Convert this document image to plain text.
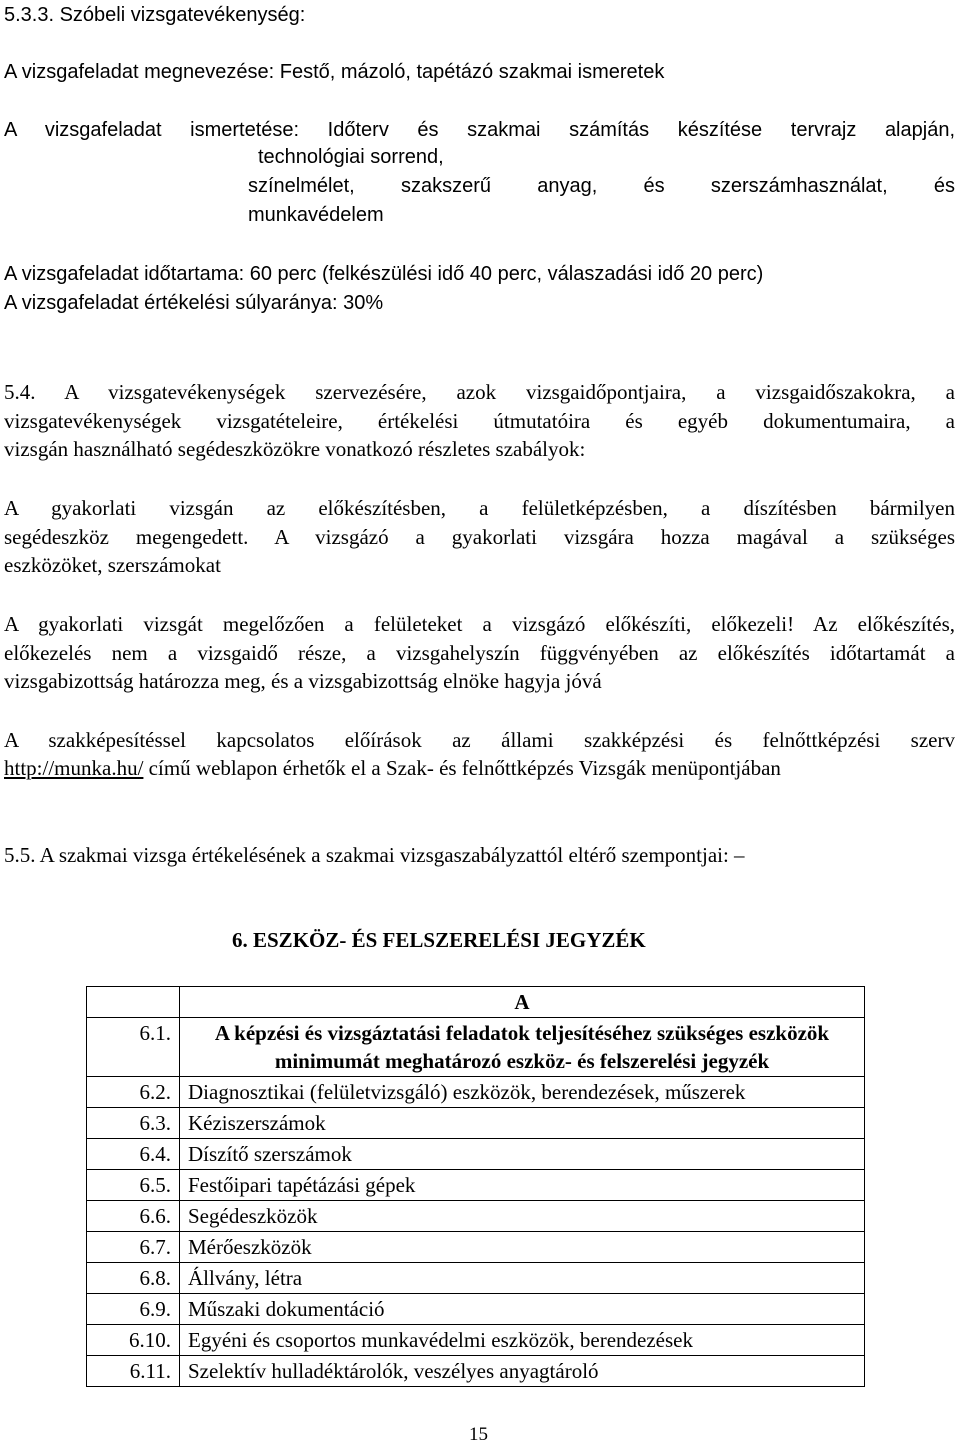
5.3.3. Szóbeli vizsgatevékenység:
A vizsgafeladat megnevezése: Festő, mázoló, tapétázó szakmai ismeretek
A vizsgafeladat ismertetése: Időterv és szakmai számítás készítése tervrajz alapján,
technológiai sorrend,
színelmélet, szakszerű anyag, és szerszámhasználat, és
munkavédelem
A vizsgafeladat időtartama: 60 perc (felkészülési idő 40 perc, válaszadási idő 20 perc)
A vizsgafeladat értékelési súlyaránya: 30%
5.4. A vizsgatevékenységek szervezésére, azok vizsgaidőpontjaira, a vizsgaidőszakokra, a
vizsgatevékenységek vizsgatételeire, értékelési útmutatóira és egyéb dokumentumaira, a
vizsgán használható segédeszközökre vonatkozó részletes szabályok:
A gyakorlati vizsgán az előkészítésben, a felületképzésben, a díszítésben bármilyen
segédeszköz megengedett. A vizsgázó a gyakorlati vizsgára hozza magával a szükséges
eszközöket, szerszámokat
A gyakorlati vizsgát megelőzően a felületeket a vizsgázó előkészíti, előkezeli! Az előkészítés,
előkezelés nem a vizsgaidő része, a vizsgahelyszín függvényében az előkészítés időtartamát a
vizsgabizottság határozza meg, és a vizsgabizottság elnöke hagyja jóvá
A szakképesítéssel kapcsolatos előírások az állami szakképzési és felnőttképzési szerv
http://munka.hu/ című weblapon érhetők el a Szak- és felnőttképzés Vizsgák menüpontjában
5.5. A szakmai vizsga értékelésének a szakmai vizsgaszabályzattól eltérő szempontjai: –
6. ESZKÖZ- ÉS FELSZERELÉSI JEGYZÉK
	A
6.1.	A képzési és vizsgáztatási feladatok teljesítéséhez szükséges eszközök minimumát meghatározó eszköz- és felszerelési jegyzék
6.2.	Diagnosztikai (felületvizsgáló) eszközök, berendezések, műszerek
6.3.	Kéziszerszámok
6.4.	Díszítő szerszámok
6.5.	Festőipari tapétázási gépek
6.6.	Segédeszközök
6.7.	Mérőeszközök
6.8.	Állvány, létra
6.9.	Műszaki dokumentáció
6.10.	Egyéni és csoportos munkavédelmi eszközök, berendezések
6.11.	Szelektív hulladéktárolók, veszélyes anyagtároló
15
